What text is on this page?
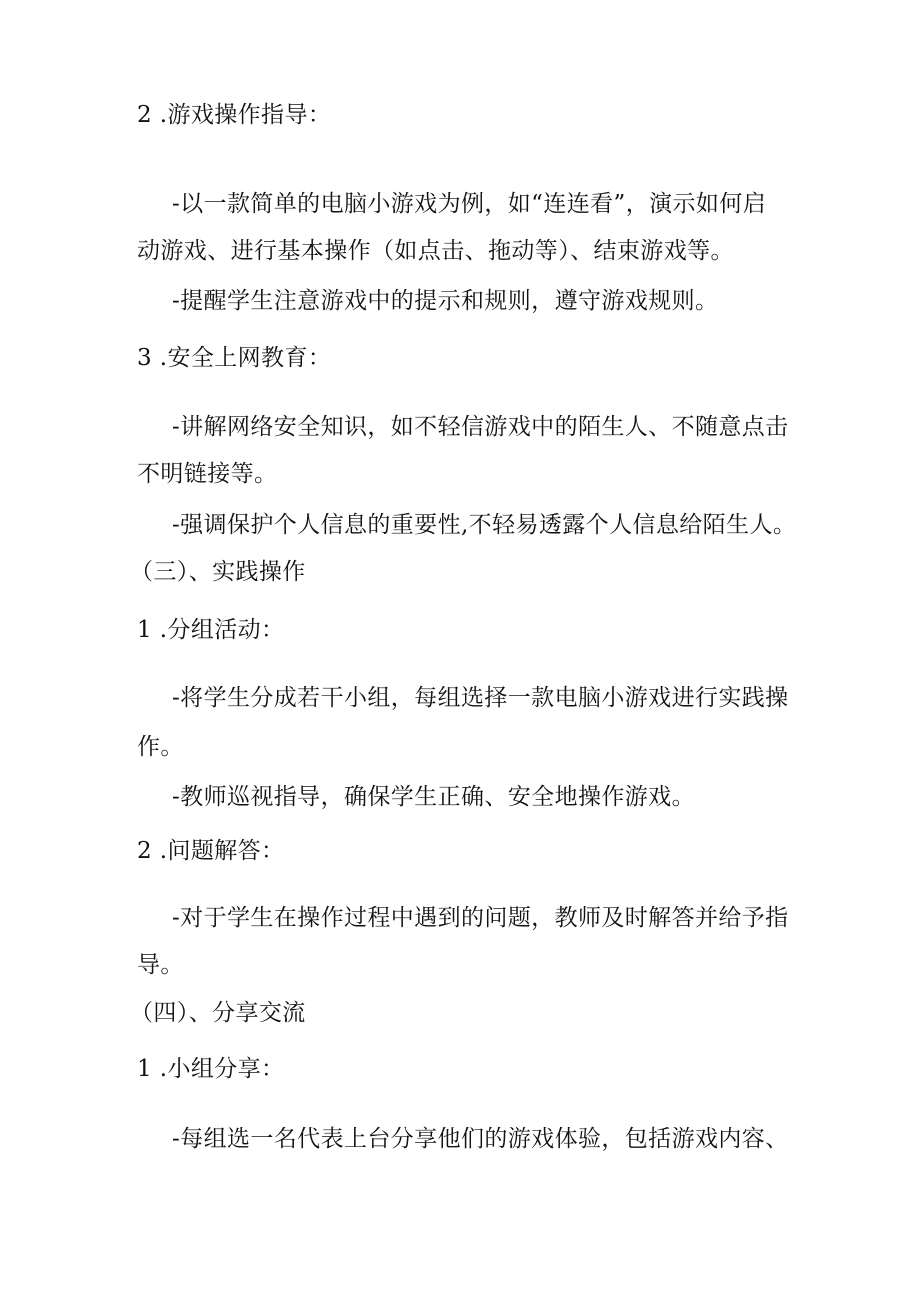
2 .游戏操作指导：
-以一款简单的电脑小游戏为例，如“连连看”，演示如何启
动游戏、进行基本操作（如点击、拖动等）、结束游戏等。
-提醒学生注意游戏中的提示和规则，遵守游戏规则。
3 .安全上网教育：
-讲解网络安全知识，如不轻信游戏中的陌生人、不随意点击
不明链接等。
-强调保护个人信息的重要性,不轻易透露个人信息给陌生人。
（三）、实践操作
1 .分组活动：
-将学生分成若干小组，每组选择一款电脑小游戏进行实践操
作。
-教师巡视指导，确保学生正确、安全地操作游戏。
2 .问题解答：
-对于学生在操作过程中遇到的问题，教师及时解答并给予指
导。
（四）、分享交流
1 .小组分享：
-每组选一名代表上台分享他们的游戏体验，包括游戏内容、
